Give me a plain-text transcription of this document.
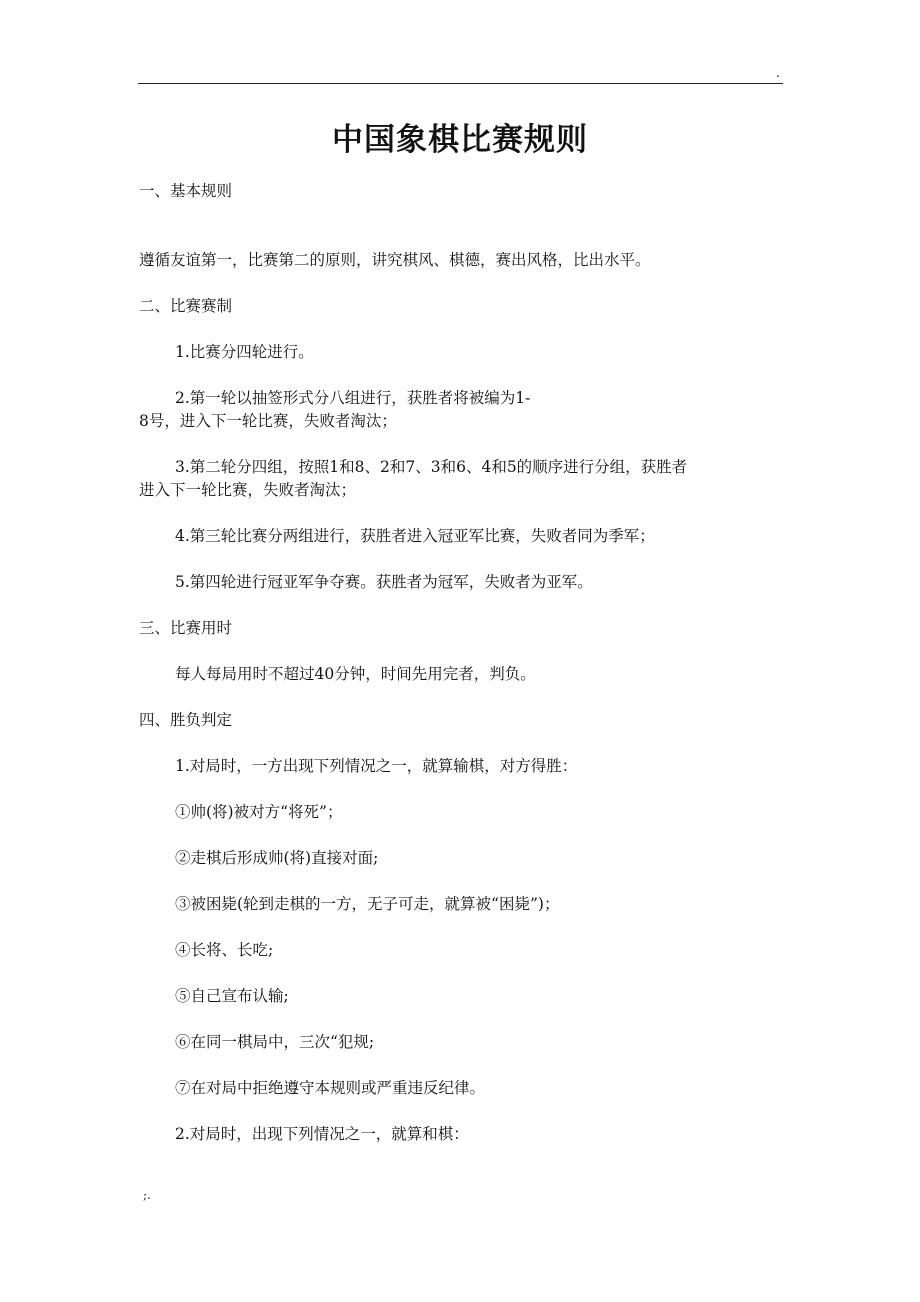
.
中国象棋比赛规则
一、基本规则
遵循友谊第一，比赛第二的原则，讲究棋风、棋德，赛出风格，比出水平。
二、比赛赛制
1.比赛分四轮进行。
2.第一轮以抽签形式分八组进行，获胜者将被编为1-
8号，进入下一轮比赛，失败者淘汰；
3.第二轮分四组，按照1和8、2和7、3和6、4和5的顺序进行分组，获胜者
进入下一轮比赛，失败者淘汰；
4.第三轮比赛分两组进行，获胜者进入冠亚军比赛，失败者同为季军；
5.第四轮进行冠亚军争夺赛。获胜者为冠军，失败者为亚军。
三、比赛用时
每人每局用时不超过40分钟，时间先用完者，判负。
四、胜负判定
1.对局时，一方出现下列情况之一，就算输棋，对方得胜：
①帅(将)被对方“将死”；
②走棋后形成帅(将)直接对面;
③被困毙(轮到走棋的一方，无子可走，就算被“困毙”)；
④长将、长吃;
⑤自己宣布认输;
⑥在同一棋局中，三次“犯规;
⑦在对局中拒绝遵守本规则或严重违反纪律。
2.对局时，出现下列情况之一，就算和棋：
;.
